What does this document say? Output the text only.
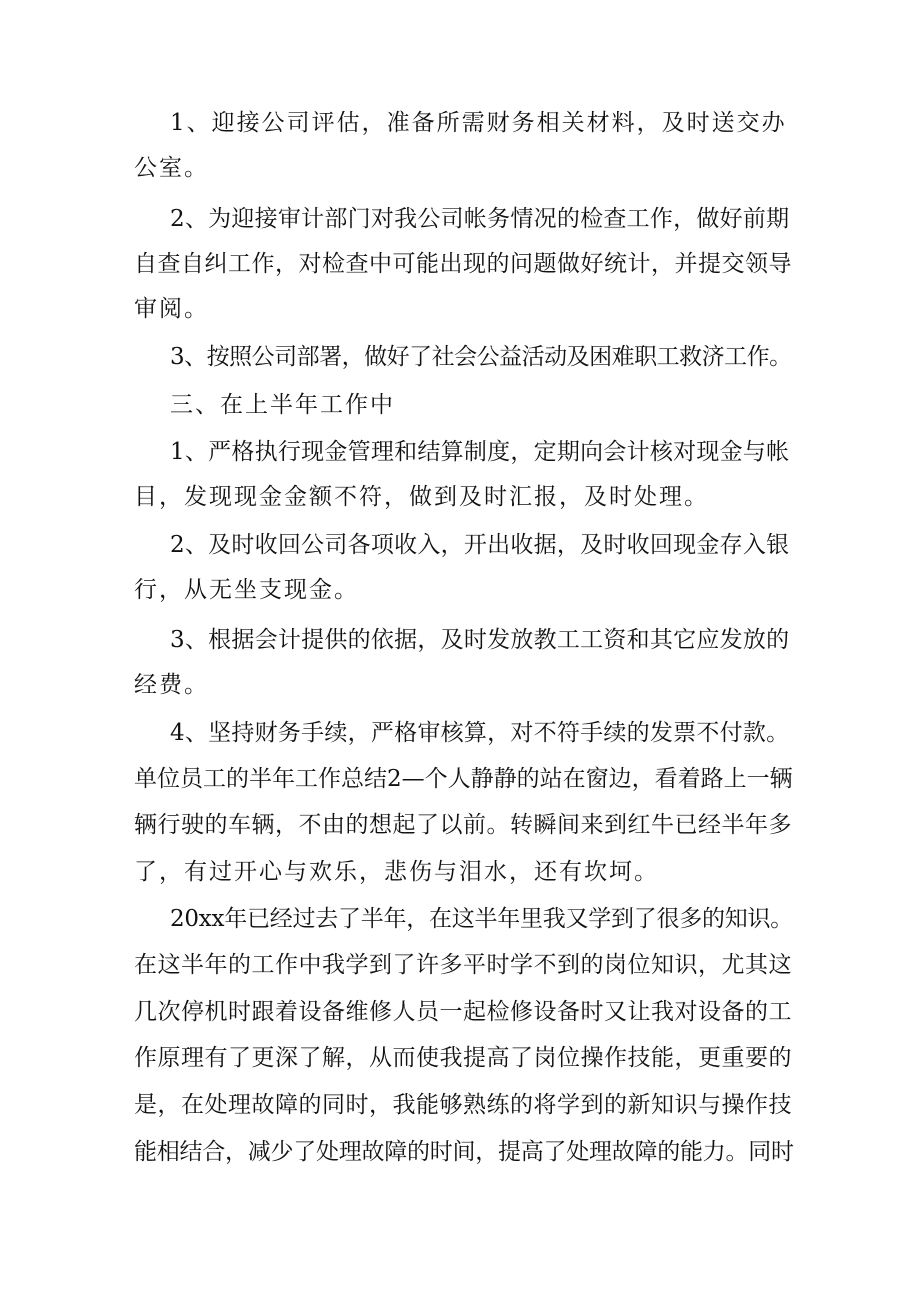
1、迎接公司评估，准备所需财务相关材料，及时送交办
公室。
2、为迎接审计部门对我公司帐务情况的检查工作，做好前期
自查自纠工作，对检查中可能出现的问题做好统计，并提交领导
审阅。
3、按照公司部署，做好了社会公益活动及困难职工救济工作。
三、在上半年工作中
1、严格执行现金管理和结算制度，定期向会计核对现金与帐
目，发现现金金额不符，做到及时汇报，及时处理。
2、及时收回公司各项收入，开出收据，及时收回现金存入银
行，从无坐支现金。
3、根据会计提供的依据，及时发放教工工资和其它应发放的
经费。
4、坚持财务手续，严格审核算，对不符手续的发票不付款。
单位员工的半年工作总结2—个人静静的站在窗边，看着路上一辆
辆行驶的车辆，不由的想起了以前。转瞬间来到红牛已经半年多
了，有过开心与欢乐，悲伤与泪水，还有坎坷。
20xx年已经过去了半年，在这半年里我又学到了很多的知识。
在这半年的工作中我学到了许多平时学不到的岗位知识，尤其这
几次停机时跟着设备维修人员一起检修设备时又让我对设备的工
作原理有了更深了解，从而使我提高了岗位操作技能，更重要的
是，在处理故障的同时，我能够熟练的将学到的新知识与操作技
能相结合，减少了处理故障的时间，提高了处理故障的能力。同时
